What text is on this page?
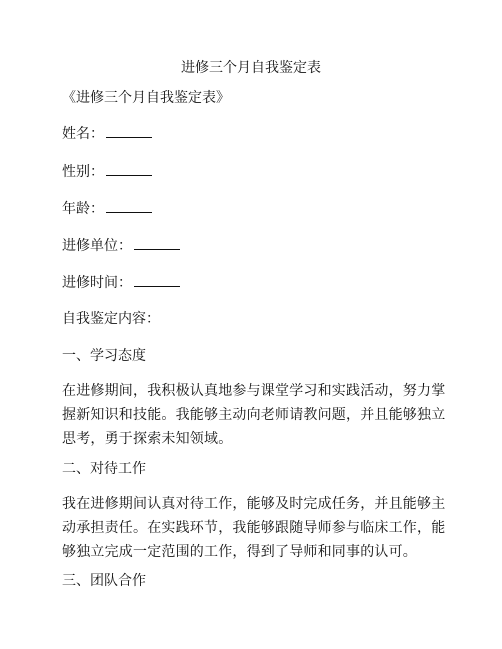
进修三个月自我鉴定表
《进修三个月自我鉴定表》
姓名：
性别：
年龄：
进修单位：
进修时间：
自我鉴定内容：
一、学习态度
在进修期间，我积极认真地参与课堂学习和实践活动，努力掌
握新知识和技能。我能够主动向老师请教问题，并且能够独立
思考，勇于探索未知领域。
二、对待工作
我在进修期间认真对待工作，能够及时完成任务，并且能够主
动承担责任。在实践环节，我能够跟随导师参与临床工作，能
够独立完成一定范围的工作，得到了导师和同事的认可。
三、团队合作
